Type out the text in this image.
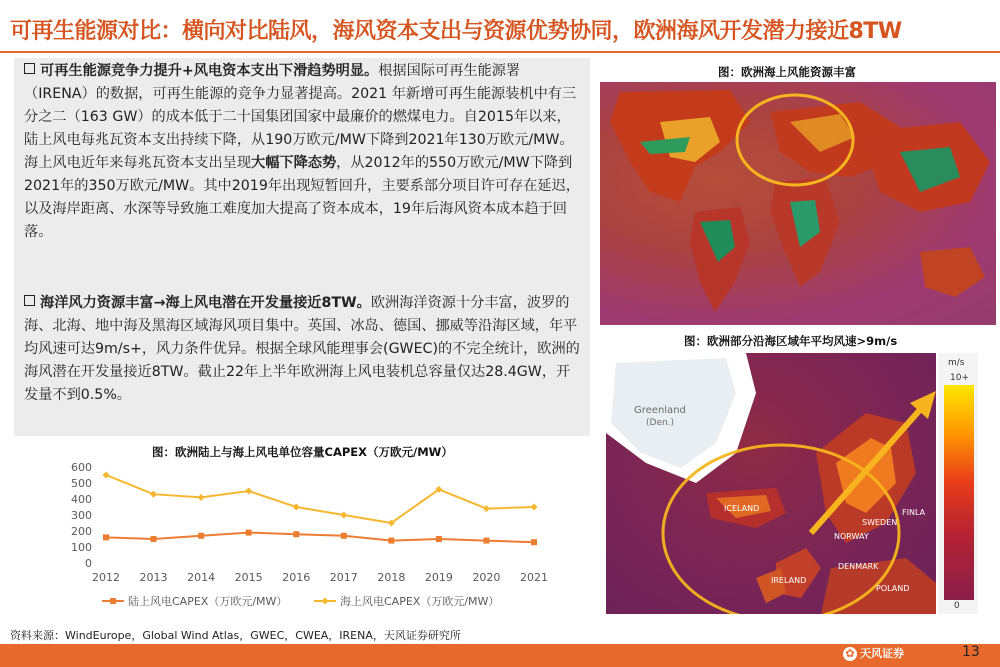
可再生能源对比：横向对比陆风，海风资本支出与资源优势协同，欧洲海风开发潜力接近8TW
可再生能源竞争力提升+风电资本支出下滑趋势明显。根据国际可再生能源署（IRENA）的数据，可再生能源的竞争力显著提高。2021 年新增可再生能源装机中有三分之二（163 GW）的成本低于二十国集团国家中最廉价的燃煤电力。自2015年以来，陆上风电每兆瓦资本支出持续下降，从190万欧元/MW下降到2021年130万欧元/MW。海上风电近年来每兆瓦资本支出呈现大幅下降态势，从2012年的550万欧元/MW下降到2021年的350万欧元/MW。其中2019年出现短暂回升，主要系部分项目许可存在延迟，以及海岸距离、水深等导致施工难度加大提高了资本成本，19年后海风资本成本趋于回落。
海洋风力资源丰富→海上风电潜在开发量接近8TW。欧洲海洋资源十分丰富，波罗的海、北海、地中海及黑海区域海风项目集中。英国、冰岛、德国、挪威等沿海区域，年平均风速可达9m/s+，风力条件优异。根据全球风能理事会(GWEC)的不完全统计，欧洲的海风潜在开发量接近8TW。截止22年上半年欧洲海上风电装机总容量仅达28.4GW，开发量不到0.5%。
图：欧洲海上风能资源丰富
图：欧洲部分沿海区域年平均风速>9m/s
Greenland
(Den.)
ICELAND
NORWAY
SWEDEN
FINLA
DENMARK
IRELAND
POLAND
m/s
10+
0
图：欧洲陆上与海上风电单位容量CAPEX（万欧元/MW）
0
100
200
300
400
500
600
2012 2013 2014 2015 2016 2017 2018 2019 2020 2021
陆上风电CAPEX（万欧元/MW）	海上风电CAPEX（万欧元/MW）
资料来源：WindEurope，Global Wind Atlas，GWEC，CWEA，IRENA，天风证券研究所
✿ 天风证券	13
